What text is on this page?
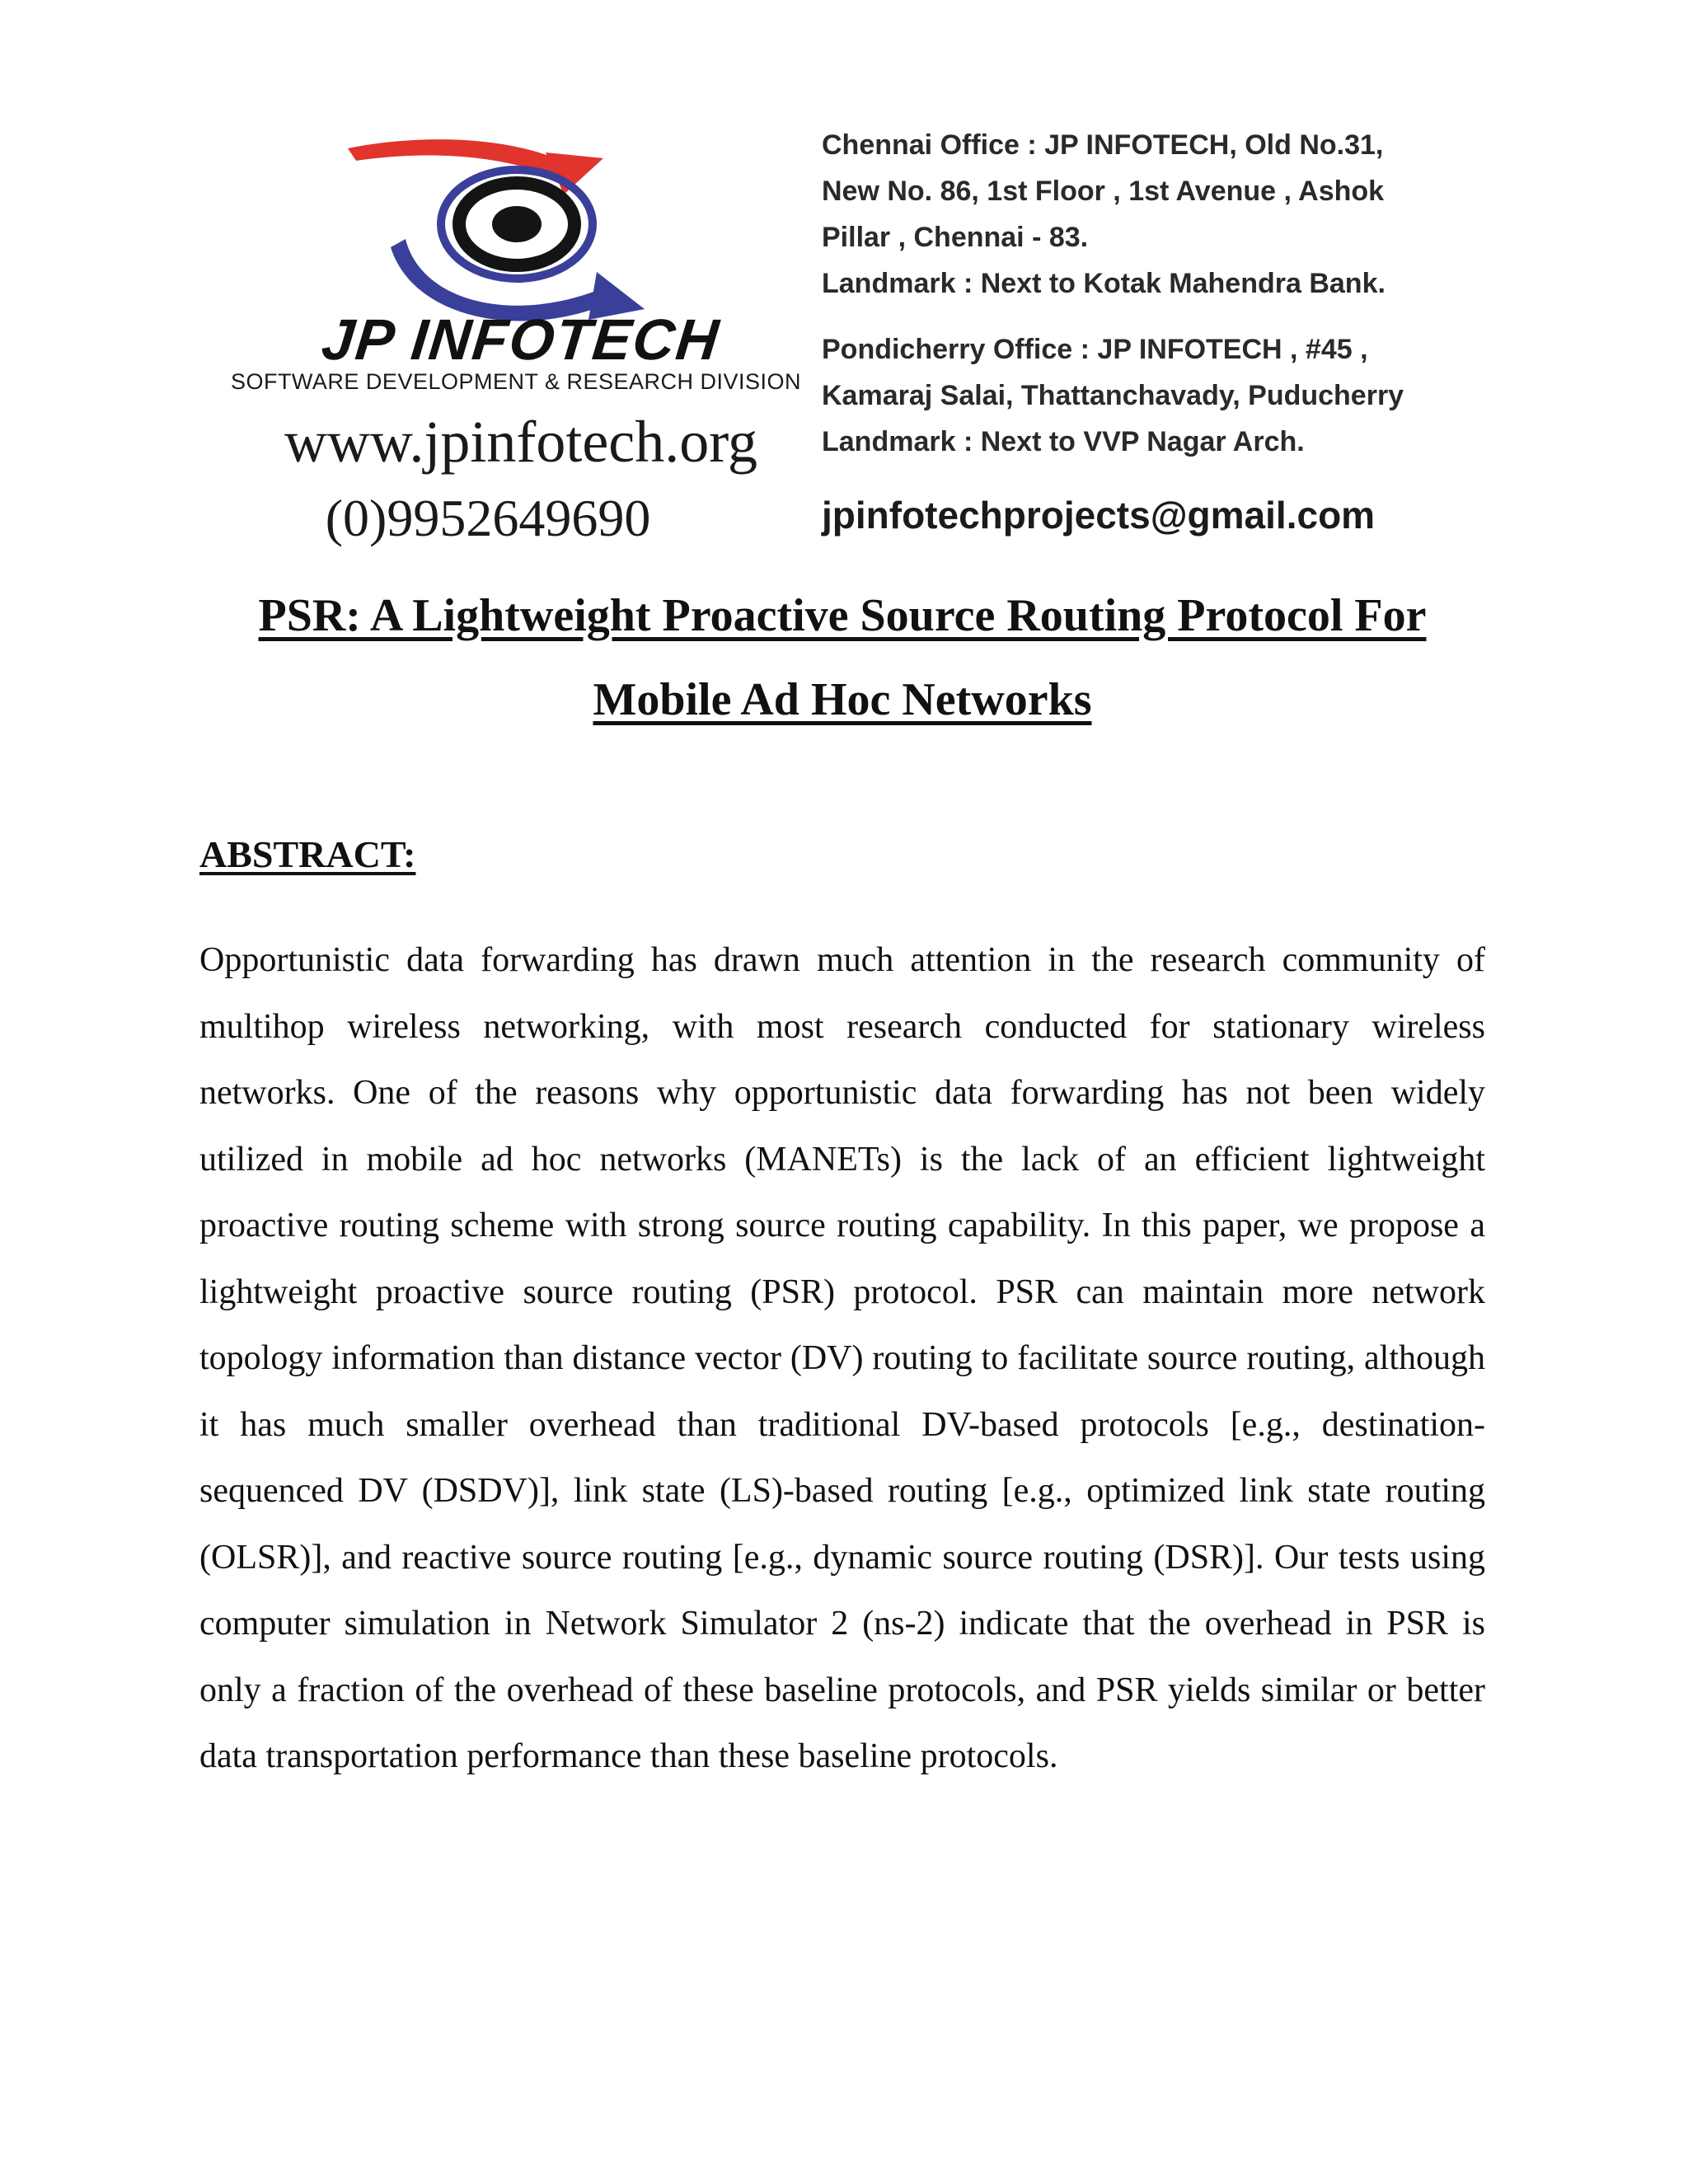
JP INFOTECH
SOFTWARE DEVELOPMENT & RESEARCH DIVISION
www.jpinfotech.org
(0)9952649690
Chennai Office : JP INFOTECH, Old No.31,
New No. 86, 1st Floor , 1st Avenue , Ashok
Pillar , Chennai - 83.
Landmark : Next to Kotak Mahendra Bank.
Pondicherry Office : JP INFOTECH , #45 ,
Kamaraj Salai, Thattanchavady, Puducherry
Landmark : Next to VVP Nagar Arch.
jpinfotechprojects@gmail.com
PSR: A Lightweight Proactive Source Routing Protocol For
Mobile Ad Hoc Networks
ABSTRACT:
Opportunistic data forwarding has drawn much attention in the research community of multihop wireless networking, with most research conducted for stationary wireless networks. One of the reasons why opportunistic data forwarding has not been widely utilized in mobile ad hoc networks (MANETs) is the lack of an efficient lightweight proactive routing scheme with strong source routing capability. In this paper, we propose a lightweight proactive source routing (PSR) protocol. PSR can maintain more network topology information than distance vector (DV) routing to facilitate source routing, although it has much smaller overhead than traditional DV-based protocols [e.g., destination-sequenced DV (DSDV)], link state (LS)-based routing [e.g., optimized link state routing (OLSR)], and reactive source routing [e.g., dynamic source routing (DSR)]. Our tests using computer simulation in Network Simulator 2 (ns-2) indicate that the overhead in PSR is only a fraction of the overhead of these baseline protocols, and PSR yields similar or better data transportation performance than these baseline protocols.
